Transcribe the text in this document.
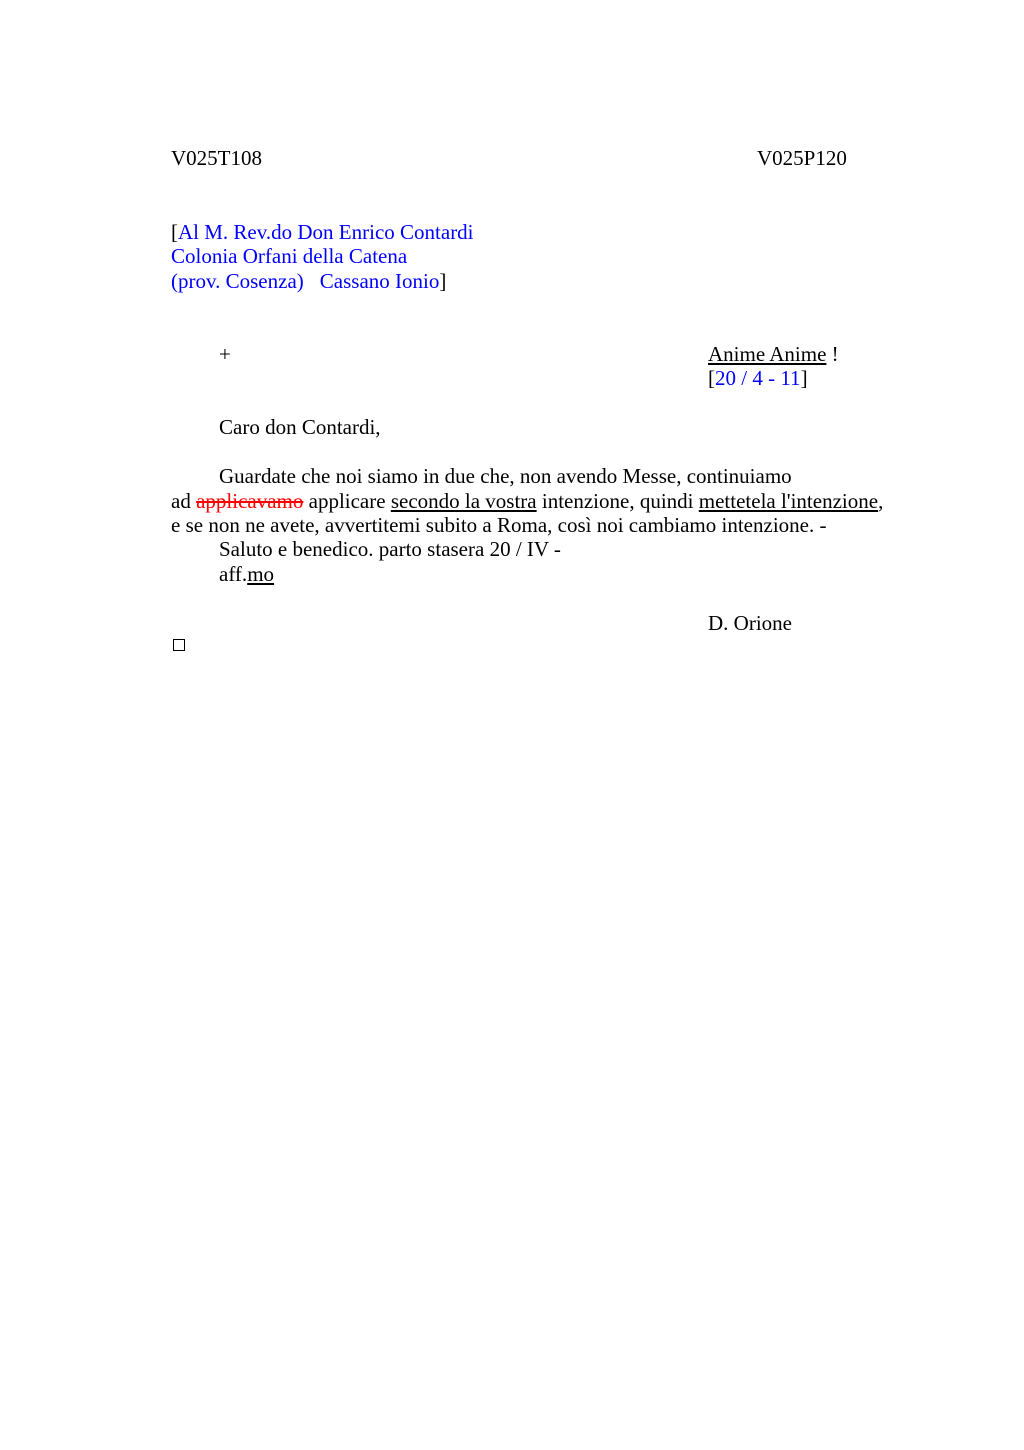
V025T108	V025P120
[Al M. Rev.do Don Enrico Contardi
Colonia Orfani della Catena
(prov. Cosenza) Cassano Ionio]
+	Anime Anime !
[20 / 4 - 11]
Caro don Contardi,
Guardate che noi siamo in due che, non avendo Messe, continuiamo
ad applicavamo applicare secondo la vostra intenzione, quindi mettetela l'intenzione,
e se non ne avete, avvertitemi subito a Roma, così noi cambiamo intenzione. -
Saluto e benedico. parto stasera 20 / IV -
aff.mo
D. Orione
